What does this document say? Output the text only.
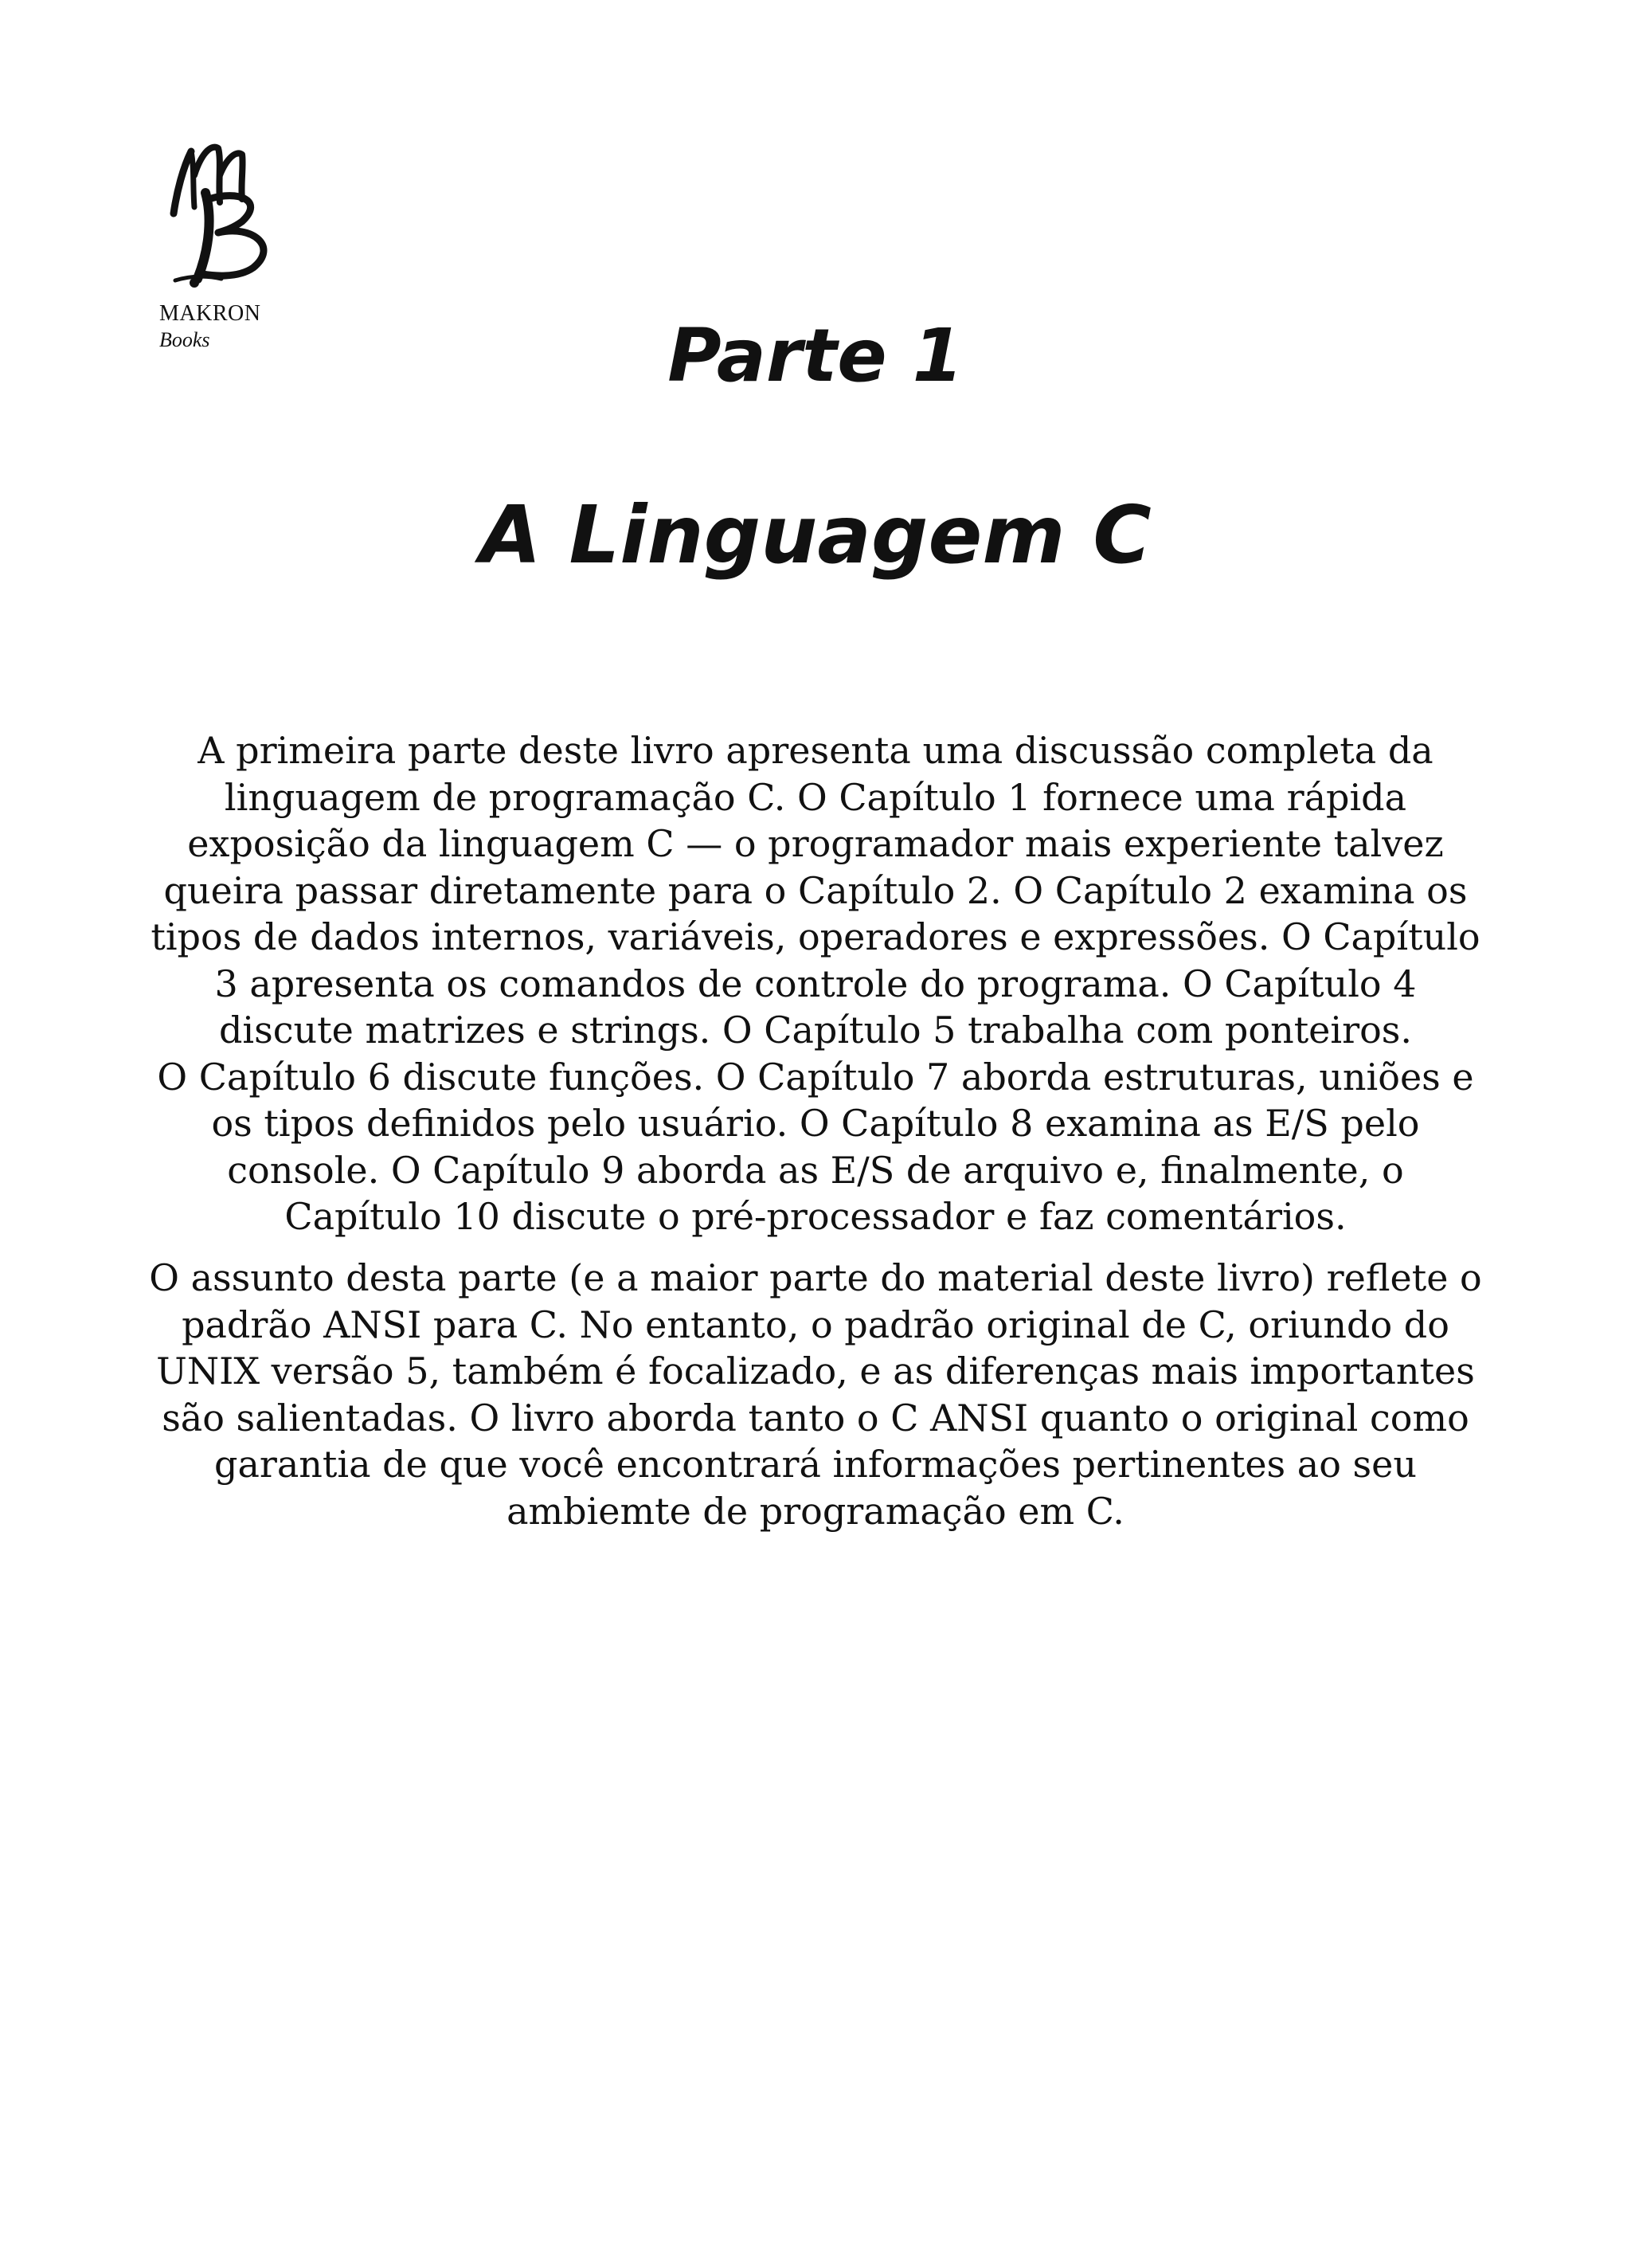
MAKRON
Books	Parte 1
A Linguagem C

A primeira parte deste livro apresenta uma discussão completa da
linguagem de programação C. O Capítulo 1 fornece uma rápida
exposição da linguagem C — o programador mais experiente talvez
queira passar diretamente para o Capítulo 2. O Capítulo 2 examina os
tipos de dados internos, variáveis, operadores e expressões. O Capítulo
3 apresenta os comandos de controle do programa. O Capítulo 4
discute matrizes e strings. O Capítulo 5 trabalha com ponteiros.
O Capítulo 6 discute funções. O Capítulo 7 aborda estruturas, uniões e
os tipos definidos pelo usuário. O Capítulo 8 examina as E/S pelo
console. O Capítulo 9 aborda as E/S de arquivo e, finalmente, o
Capítulo 10 discute o pré-processador e faz comentários.

O assunto desta parte (e a maior parte do material deste livro) reflete o
padrão ANSI para C. No entanto, o padrão original de C, oriundo do
UNIX versão 5, também é focalizado, e as diferenças mais importantes
são salientadas. O livro aborda tanto o C ANSI quanto o original como
garantia de que você encontrará informações pertinentes ao seu
ambiemte de programação em C.
